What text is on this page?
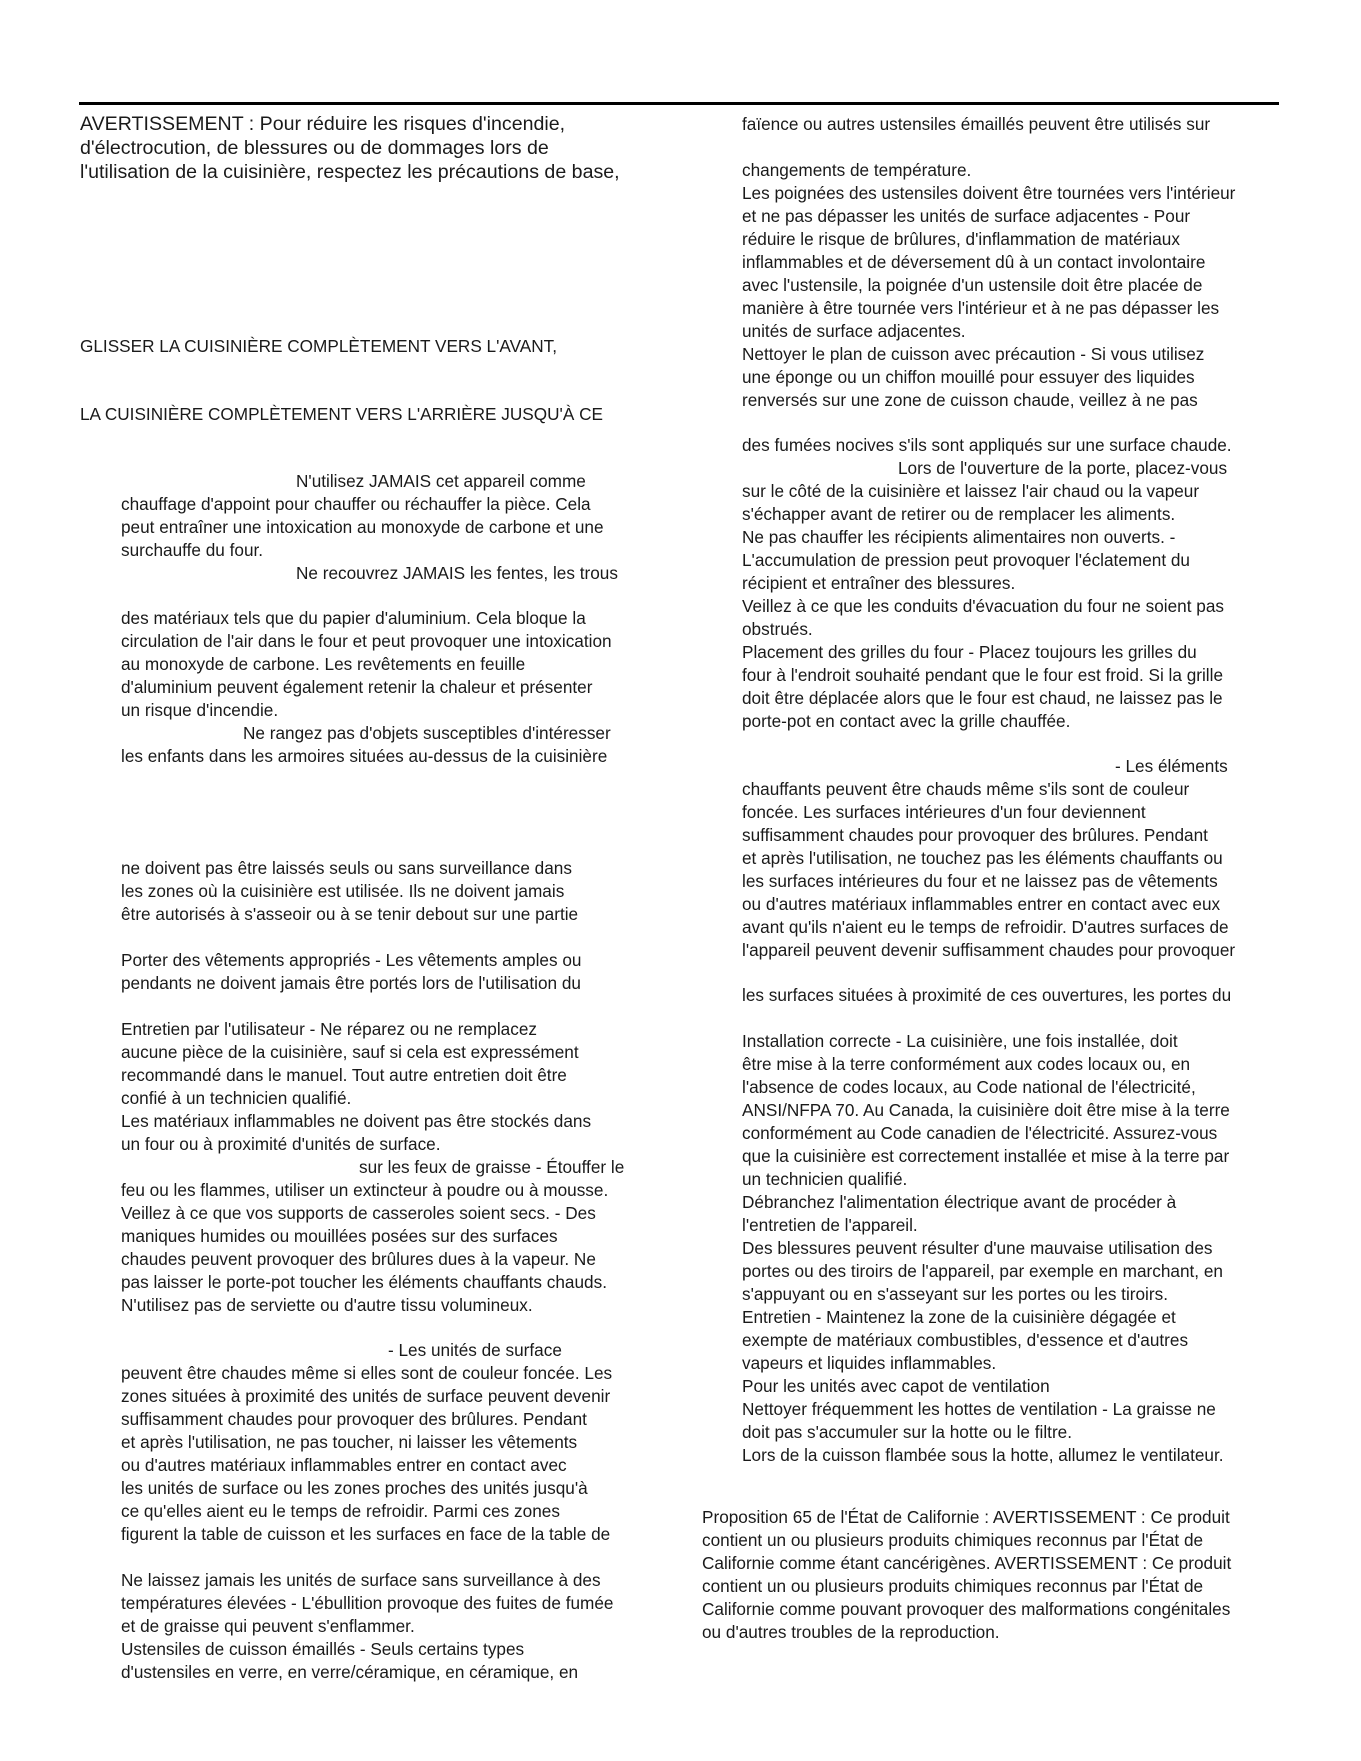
AVERTISSEMENT : Pour réduire les risques d'incendie,
d'électrocution, de blessures ou de dommages lors de
l'utilisation de la cuisinière, respectez les précautions de base,
GLISSER LA CUISINIÈRE COMPLÈTEMENT VERS L'AVANT,
LA CUISINIÈRE COMPLÈTEMENT VERS L'ARRIÈRE JUSQU'À CE
N'utilisez JAMAIS cet appareil comme
chauffage d'appoint pour chauffer ou réchauffer la pièce. Cela
peut entraîner une intoxication au monoxyde de carbone et une
surchauffe du four.
Ne recouvrez JAMAIS les fentes, les trous
des matériaux tels que du papier d'aluminium. Cela bloque la
circulation de l'air dans le four et peut provoquer une intoxication
au monoxyde de carbone. Les revêtements en feuille
d'aluminium peuvent également retenir la chaleur et présenter
un risque d'incendie.
Ne rangez pas d'objets susceptibles d'intéresser
les enfants dans les armoires situées au-dessus de la cuisinière
ne doivent pas être laissés seuls ou sans surveillance dans
les zones où la cuisinière est utilisée. Ils ne doivent jamais
être autorisés à s'asseoir ou à se tenir debout sur une partie
Porter des vêtements appropriés - Les vêtements amples ou
pendants ne doivent jamais être portés lors de l'utilisation du
Entretien par l'utilisateur - Ne réparez ou ne remplacez
aucune pièce de la cuisinière, sauf si cela est expressément
recommandé dans le manuel. Tout autre entretien doit être
confié à un technicien qualifié.
Les matériaux inflammables ne doivent pas être stockés dans
un four ou à proximité d'unités de surface.
sur les feux de graisse - Étouffer le
feu ou les flammes, utiliser un extincteur à poudre ou à mousse.
Veillez à ce que vos supports de casseroles soient secs. - Des
maniques humides ou mouillées posées sur des surfaces
chaudes peuvent provoquer des brûlures dues à la vapeur. Ne
pas laisser le porte-pot toucher les éléments chauffants chauds.
N'utilisez pas de serviette ou d'autre tissu volumineux.
- Les unités de surface
peuvent être chaudes même si elles sont de couleur foncée. Les
zones situées à proximité des unités de surface peuvent devenir
suffisamment chaudes pour provoquer des brûlures. Pendant
et après l'utilisation, ne pas toucher, ni laisser les vêtements
ou d'autres matériaux inflammables entrer en contact avec
les unités de surface ou les zones proches des unités jusqu'à
ce qu'elles aient eu le temps de refroidir. Parmi ces zones
figurent la table de cuisson et les surfaces en face de la table de
Ne laissez jamais les unités de surface sans surveillance à des
températures élevées - L'ébullition provoque des fuites de fumée
et de graisse qui peuvent s'enflammer.
Ustensiles de cuisson émaillés - Seuls certains types
d'ustensiles en verre, en verre/céramique, en céramique, en
faïence ou autres ustensiles émaillés peuvent être utilisés sur
changements de température.
Les poignées des ustensiles doivent être tournées vers l'intérieur
et ne pas dépasser les unités de surface adjacentes - Pour
réduire le risque de brûlures, d'inflammation de matériaux
inflammables et de déversement dû à un contact involontaire
avec l'ustensile, la poignée d'un ustensile doit être placée de
manière à être tournée vers l'intérieur et à ne pas dépasser les
unités de surface adjacentes.
Nettoyer le plan de cuisson avec précaution - Si vous utilisez
une éponge ou un chiffon mouillé pour essuyer des liquides
renversés sur une zone de cuisson chaude, veillez à ne pas
des fumées nocives s'ils sont appliqués sur une surface chaude.
Lors de l'ouverture de la porte, placez-vous
sur le côté de la cuisinière et laissez l'air chaud ou la vapeur
s'échapper avant de retirer ou de remplacer les aliments.
Ne pas chauffer les récipients alimentaires non ouverts. -
L'accumulation de pression peut provoquer l'éclatement du
récipient et entraîner des blessures.
Veillez à ce que les conduits d'évacuation du four ne soient pas
obstrués.
Placement des grilles du four - Placez toujours les grilles du
four à l'endroit souhaité pendant que le four est froid. Si la grille
doit être déplacée alors que le four est chaud, ne laissez pas le
porte-pot en contact avec la grille chauffée.
- Les éléments
chauffants peuvent être chauds même s'ils sont de couleur
foncée. Les surfaces intérieures d'un four deviennent
suffisamment chaudes pour provoquer des brûlures. Pendant
et après l'utilisation, ne touchez pas les éléments chauffants ou
les surfaces intérieures du four et ne laissez pas de vêtements
ou d'autres matériaux inflammables entrer en contact avec eux
avant qu'ils n'aient eu le temps de refroidir. D'autres surfaces de
l'appareil peuvent devenir suffisamment chaudes pour provoquer
les surfaces situées à proximité de ces ouvertures, les portes du
Installation correcte - La cuisinière, une fois installée, doit
être mise à la terre conformément aux codes locaux ou, en
l'absence de codes locaux, au Code national de l'électricité,
ANSI/NFPA 70. Au Canada, la cuisinière doit être mise à la terre
conformément au Code canadien de l'électricité. Assurez-vous
que la cuisinière est correctement installée et mise à la terre par
un technicien qualifié.
Débranchez l'alimentation électrique avant de procéder à
l'entretien de l'appareil.
Des blessures peuvent résulter d'une mauvaise utilisation des
portes ou des tiroirs de l'appareil, par exemple en marchant, en
s'appuyant ou en s'asseyant sur les portes ou les tiroirs.
Entretien - Maintenez la zone de la cuisinière dégagée et
exempte de matériaux combustibles, d'essence et d'autres
vapeurs et liquides inflammables.
Pour les unités avec capot de ventilation
Nettoyer fréquemment les hottes de ventilation - La graisse ne
doit pas s'accumuler sur la hotte ou le filtre.
Lors de la cuisson flambée sous la hotte, allumez le ventilateur.
Proposition 65 de l'État de Californie : AVERTISSEMENT : Ce produit
contient un ou plusieurs produits chimiques reconnus par l'État de
Californie comme étant cancérigènes. AVERTISSEMENT : Ce produit
contient un ou plusieurs produits chimiques reconnus par l'État de
Californie comme pouvant provoquer des malformations congénitales
ou d'autres troubles de la reproduction.
